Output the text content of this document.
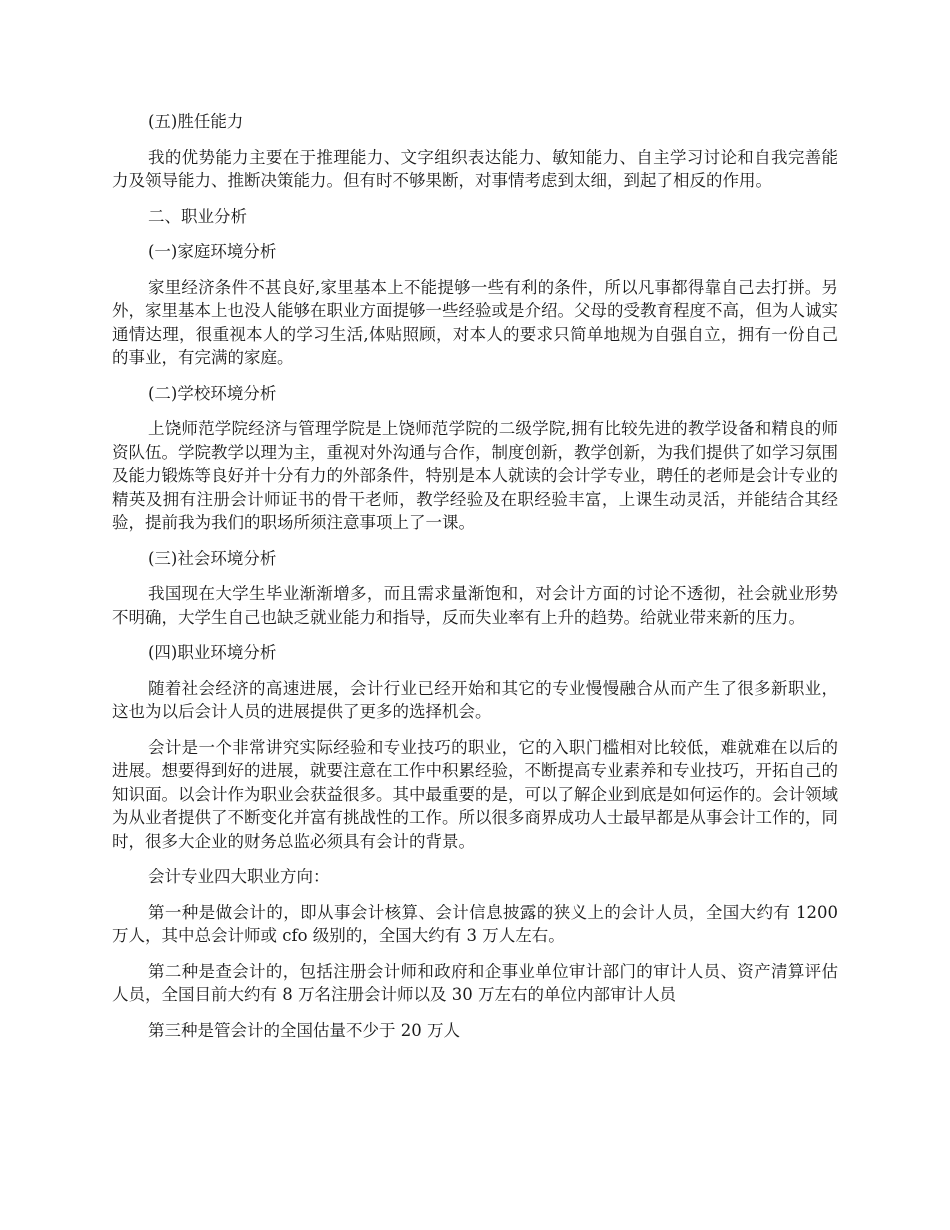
(五)胜任能力

我的优势能力主要在于推理能力、文字组织表达能力、敏知能力、自主学习讨论和自我完善能力及领导能力、推断决策能力。但有时不够果断，对事情考虑到太细，到起了相反的作用。

二、职业分析

(一)家庭环境分析

家里经济条件不甚良好,家里基本上不能提够一些有利的条件，所以凡事都得靠自己去打拼。另外，家里基本上也没人能够在职业方面提够一些经验或是介绍。父母的受教育程度不高，但为人诚实通情达理，很重视本人的学习生活,体贴照顾，对本人的要求只简单地规为自强自立，拥有一份自己的事业，有完满的家庭。

(二)学校环境分析

上饶师范学院经济与管理学院是上饶师范学院的二级学院,拥有比较先进的教学设备和精良的师资队伍。学院教学以理为主，重视对外沟通与合作，制度创新，教学创新，为我们提供了如学习氛围及能力锻炼等良好并十分有力的外部条件，特别是本人就读的会计学专业，聘任的老师是会计专业的精英及拥有注册会计师证书的骨干老师，教学经验及在职经验丰富，上课生动灵活，并能结合其经验，提前我为我们的职场所须注意事项上了一课。

(三)社会环境分析

我国现在大学生毕业渐渐增多，而且需求量渐饱和，对会计方面的讨论不透彻，社会就业形势不明确，大学生自己也缺乏就业能力和指导，反而失业率有上升的趋势。给就业带来新的压力。

(四)职业环境分析

随着社会经济的高速进展，会计行业已经开始和其它的专业慢慢融合从而产生了很多新职业，这也为以后会计人员的进展提供了更多的选择机会。

会计是一个非常讲究实际经验和专业技巧的职业，它的入职门槛相对比较低，难就难在以后的进展。想要得到好的进展，就要注意在工作中积累经验，不断提高专业素养和专业技巧，开拓自己的知识面。以会计作为职业会获益很多。其中最重要的是，可以了解企业到底是如何运作的。会计领域为从业者提供了不断变化并富有挑战性的工作。所以很多商界成功人士最早都是从事会计工作的，同时，很多大企业的财务总监必须具有会计的背景。

会计专业四大职业方向：

第一种是做会计的，即从事会计核算、会计信息披露的狭义上的会计人员，全国大约有 1200 万人，其中总会计师或 cfo 级别的，全国大约有 3 万人左右。

第二种是查会计的，包括注册会计师和政府和企事业单位审计部门的审计人员、资产清算评估人员，全国目前大约有 8 万名注册会计师以及 30 万左右的单位内部审计人员

第三种是管会计的全国估量不少于 20 万人
